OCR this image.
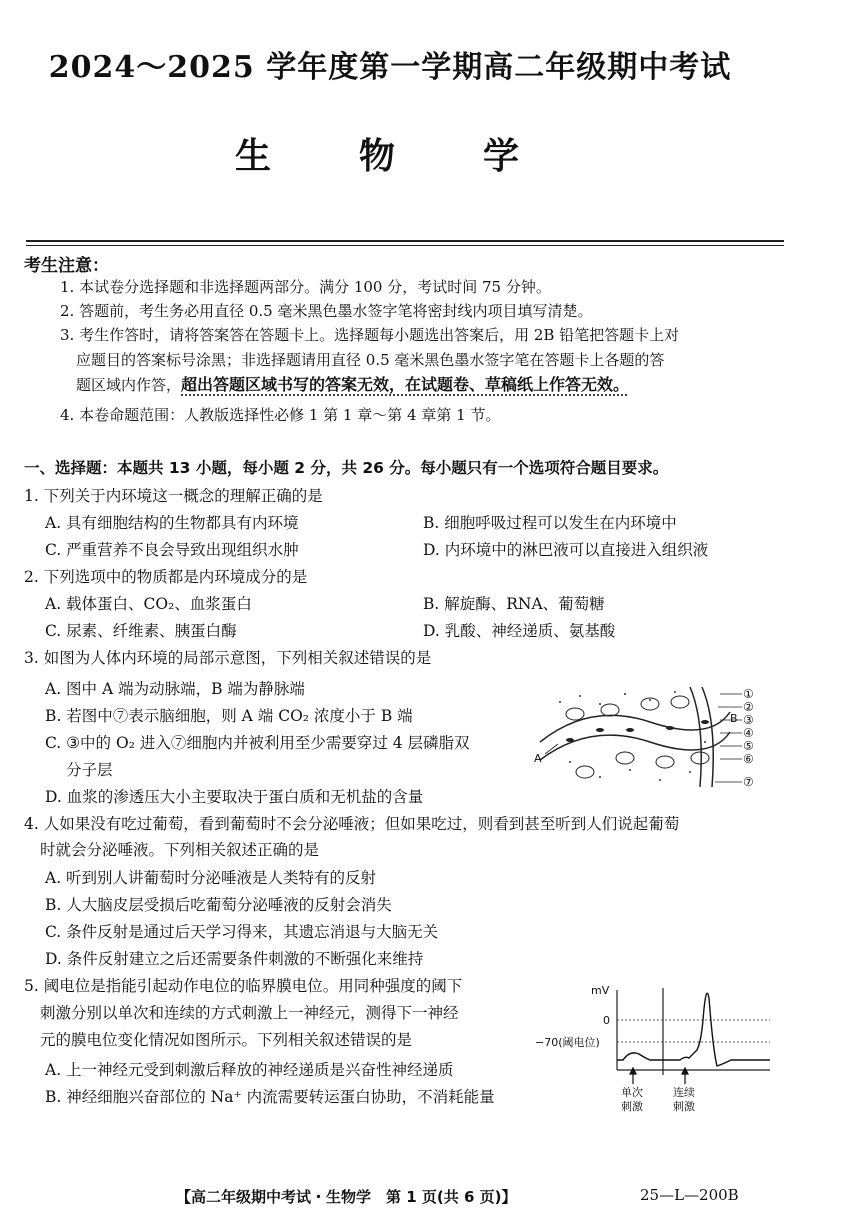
2024～2025 学年度第一学期高二年级期中考试
生　物　学
考生注意：
1. 本试卷分选择题和非选择题两部分。满分 100 分，考试时间 75 分钟。
2. 答题前，考生务必用直径 0.5 毫米黑色墨水签字笔将密封线内项目填写清楚。
3. 考生作答时，请将答案答在答题卡上。选择题每小题选出答案后，用 2B 铅笔把答题卡上对
应题目的答案标号涂黑；非选择题请用直径 0.5 毫米黑色墨水签字笔在答题卡上各题的答
题区域内作答，超出答题区域书写的答案无效，在试题卷、草稿纸上作答无效。
4. 本卷命题范围：人教版选择性必修 1 第 1 章～第 4 章第 1 节。
一、选择题：本题共 13 小题，每小题 2 分，共 26 分。每小题只有一个选项符合题目要求。
1. 下列关于内环境这一概念的理解正确的是
A. 具有细胞结构的生物都具有内环境	B. 细胞呼吸过程可以发生在内环境中
C. 严重营养不良会导致出现组织水肿	D. 内环境中的淋巴液可以直接进入组织液
2. 下列选项中的物质都是内环境成分的是
A. 载体蛋白、CO₂、血浆蛋白	B. 解旋酶、RNA、葡萄糖
C. 尿素、纤维素、胰蛋白酶	D. 乳酸、神经递质、氨基酸
3. 如图为人体内环境的局部示意图，下列相关叙述错误的是
A. 图中 A 端为动脉端，B 端为静脉端
B. 若图中⑦表示脑细胞，则 A 端 CO₂ 浓度小于 B 端
C. ③中的 O₂ 进入⑦细胞内并被利用至少需要穿过 4 层磷脂双
分子层
D. 血浆的渗透压大小主要取决于蛋白质和无机盐的含量
①
②
③
④
⑤
⑥
⑦
A
B
4. 人如果没有吃过葡萄，看到葡萄时不会分泌唾液；但如果吃过，则看到甚至听到人们说起葡萄
时就会分泌唾液。下列相关叙述正确的是
A. 听到别人讲葡萄时分泌唾液是人类特有的反射
B. 人大脑皮层受损后吃葡萄分泌唾液的反射会消失
C. 条件反射是通过后天学习得来，其遗忘消退与大脑无关
D. 条件反射建立之后还需要条件刺激的不断强化来维持
5. 阈电位是指能引起动作电位的临界膜电位。用同种强度的阈下
刺激分别以单次和连续的方式刺激上一神经元，测得下一神经
元的膜电位变化情况如图所示。下列相关叙述错误的是
A. 上一神经元受到刺激后释放的神经递质是兴奋性神经递质
B. 神经细胞兴奋部位的 Na⁺ 内流需要转运蛋白协助，不消耗能量
mV
0
−70(阈电位)
单次
刺激
连续
刺激
【高二年级期中考试・生物学　第 1 页(共 6 页)】	25—L—200B
